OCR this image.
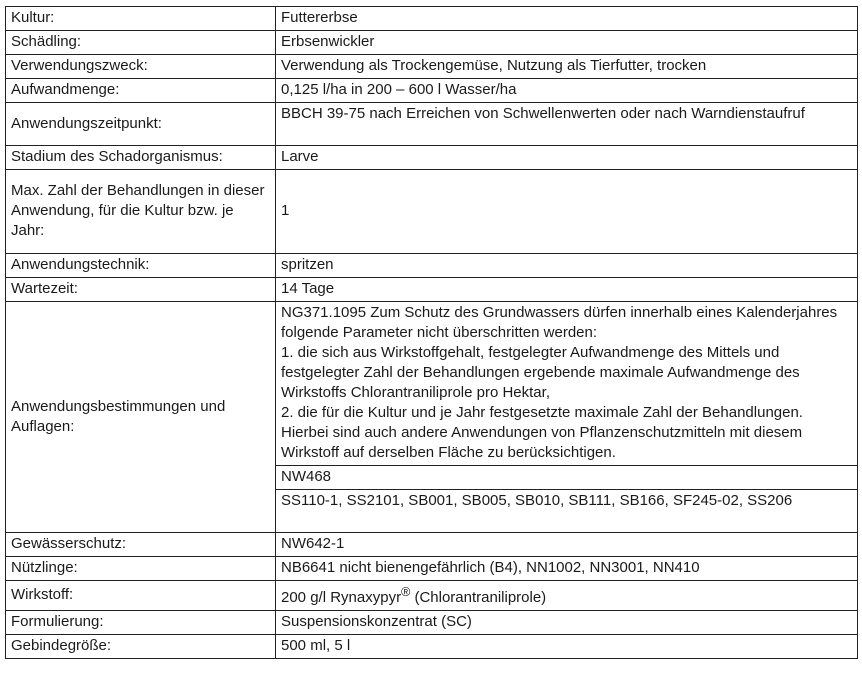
Kultur:	Futtererbse
Schädling:	Erbsenwickler
Verwendungszweck:	Verwendung als Trockengemüse, Nutzung als Tierfutter, trocken
Aufwandmenge:	0,125 l/ha in 200 – 600 l Wasser/ha
Anwendungszeitpunkt:	BBCH 39-75 nach Erreichen von Schwellenwerten oder nach Warndienstaufruf
Stadium des Schadorganismus:	Larve
Max. Zahl der Behandlungen in dieser Anwendung, für die Kultur bzw. je Jahr:	1
Anwendungstechnik:	spritzen
Wartezeit:	14 Tage
Anwendungsbestimmungen und Auflagen:	NG371.1095 Zum Schutz des Grundwassers dürfen innerhalb eines Kalenderjahres folgende Parameter nicht überschritten werden:
1. die sich aus Wirkstoffgehalt, festgelegter Aufwandmenge des Mittels und festgelegter Zahl der Behandlungen ergebende maximale Aufwandmenge des Wirkstoffs Chlorantraniliprole pro Hektar,
2. die für die Kultur und je Jahr festgesetzte maximale Zahl der Behandlungen. Hierbei sind auch andere Anwendungen von Pflanzenschutzmitteln mit diesem Wirkstoff auf derselben Fläche zu berücksichtigen.

	NW468
	SS110-1, SS2101, SB001, SB005, SB010, SB111, SB166, SF245-02, SS206
Gewässerschutz:	NW642-1
Nützlinge:	NB6641 nicht bienengefährlich (B4), NN1002, NN3001, NN410
Wirkstoff:	200 g/l Rynaxypyr® (Chlorantraniliprole)
Formulierung:	Suspensionskonzentrat (SC)
Gebindegröße:	500 ml, 5 l
